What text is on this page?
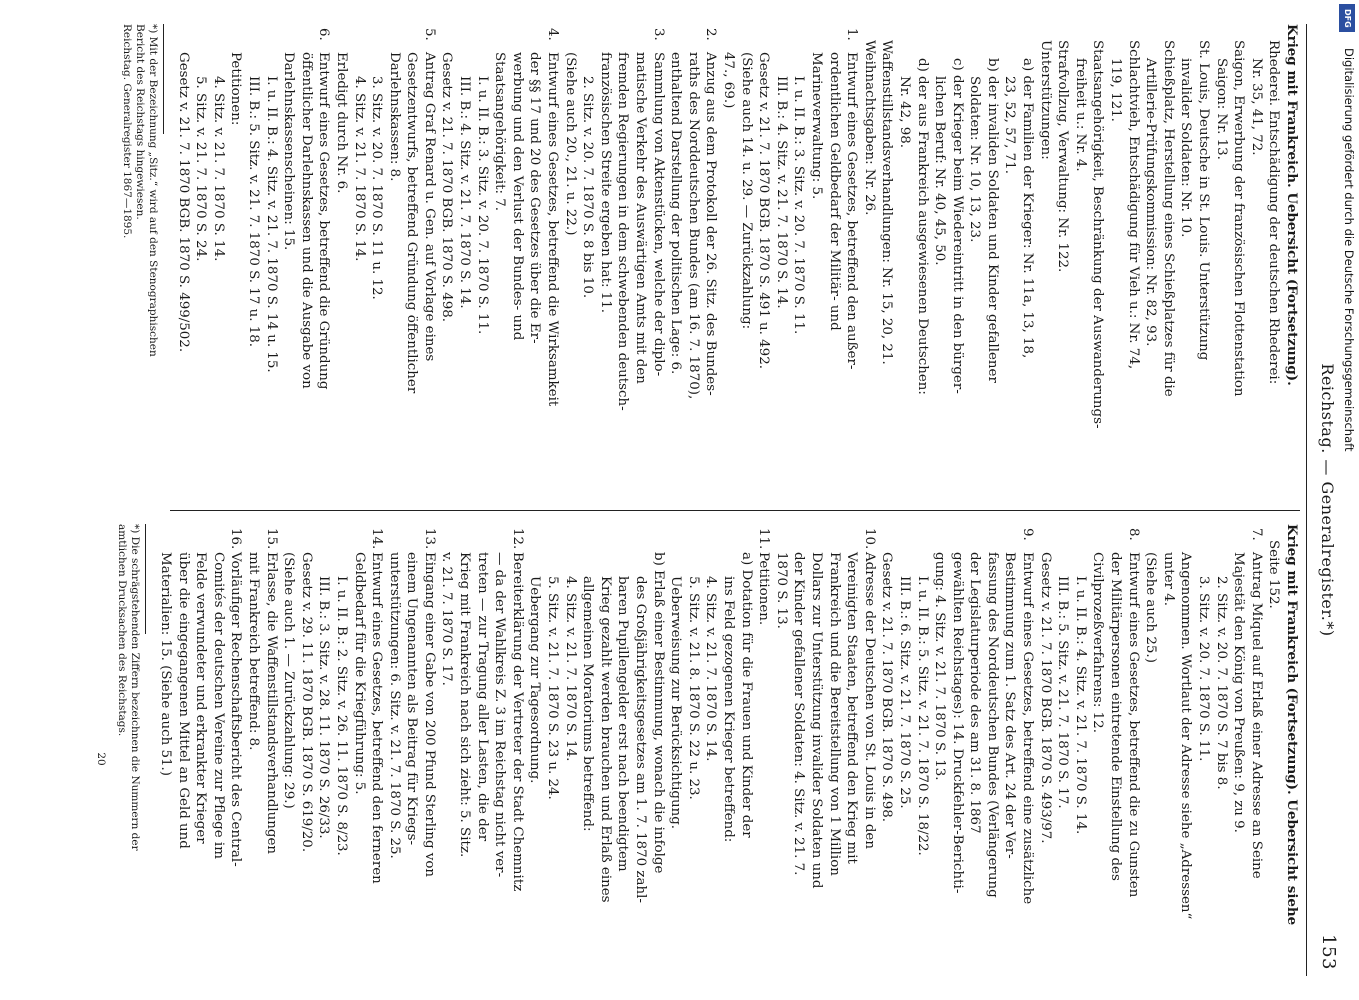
Reichstag. — Generalregister.*)
153
Krieg mit Frankreich. Uebersicht (Fortsetzung).
Rhederei. Entschädigung der deutschen Rhederei:
Nr. 35, 41, 72.
Saigon, Erwerbung der französischen Flottenstation
Saigon: Nr. 13.
St. Louis, Deutsche in St. Louis. Unterstützung
invalider Soldaten: Nr. 10.
Schießplatz, Herstellung eines Schießplatzes für die
Artillerie-Prüfungskommission: Nr. 82, 93.
Schlachtvieh, Entschädigung für Vieh u.: Nr. 74,
119, 121.
Staatsangehörigkeit, Beschränkung der Auswanderungs-
freiheit u.: Nr. 4.
Strafvollzug, Verwaltung: Nr. 122.
Unterstützungen:
a) der Familien der Krieger: Nr. 11a, 13, 18,
23, 52, 57, 71.
b) der invaliden Soldaten und Kinder gefallener
Soldaten: Nr. 10, 13, 23.
c) der Krieger beim Wiedereintritt in den bürger-
lichen Beruf: Nr. 40, 45, 50.
d) der aus Frankreich ausgewiesenen Deutschen:
Nr. 42, 98.
Waffenstillstandsverhandlungen: Nr. 15, 20, 21.
Weihnachtsgaben: Nr. 26.
1.
Entwurf eines Gesetzes, betreffend den außer-
ordentlichen Geldbedarf der Militär- und
Marineverwaltung: 5.
I. u. II. B.: 3. Sitz. v. 20. 7. 1870 S. 11.
III. B.: 4. Sitz. v. 21. 7. 1870 S. 14.
Gesetz v. 21. 7. 1870 BGB. 1870 S. 491 u. 492.
(Siehe auch 14. u. 29. — Zurückzahlung:
47., 69.)
2.
Anzug aus dem Protokoll der 26. Sitz. des Bundes-
raths des Norddeutschen Bundes (am 16. 7. 1870),
enthaltend Darstellung der politischen Lage: 6.
3.
Sammlung von Aktenstücken, welche der diplo-
matische Verkehr des Auswärtigen Amts mit den
fremden Regierungen in dem schwebenden deutsch-
französischen Streite ergeben hat: 11.
2. Sitz. v. 20. 7. 1870 S. 8 bis 10.
(Siehe auch 20., 21. u. 22.)
4.
Entwurf eines Gesetzes, betreffend die Wirksamkeit
der §§ 17 und 20 des Gesetzes über die Er-
werbung und den Verlust der Bundes- und
Staatsangehörigkeit: 7.
I. u. II. B.: 3. Sitz. v. 20. 7. 1870 S. 11.
III. B.: 4. Sitz. v. 21. 7. 1870 S. 14.
Gesetz v. 21. 7. 1870 BGB. 1870 S. 498.
5.
Antrag Graf Renard u. Gen. auf Vorlage eines
Gesetzentwurfs, betreffend Gründung öffentlicher
Darlehnskassen: 8.
3. Sitz. v. 20. 7. 1870 S. 11 u. 12.
4. Sitz. v. 21. 7. 1870 S. 14.
Erledigt durch Nr. 6.
6.
Entwurf eines Gesetzes, betreffend die Gründung
öffentlicher Darlehnskassen und die Ausgabe von
Darlehnskassenscheinen: 15.
I. u. II. B.: 4. Sitz. v. 21. 7. 1870 S. 14 u. 15.
III. B.: 5. Sitz. v. 21. 7. 1870 S. 17 u. 18.
Petitionen:
4. Sitz. v. 21. 7. 1870 S. 14.
5. Sitz. v. 21. 7. 1870 S. 24.
Gesetz v. 21. 7. 1870 BGB. 1870 S. 499/502.
*) Mit der Bezeichnung „Sitz.“ wird auf den Stenographischen
Bericht des Reichstags hingewiesen.
Reichstag. Generalregister 1867—1895.
Krieg mit Frankreich (Fortsetzung). Uebersicht siehe
Seite 152.
7.
Antrag Miquel auf Erlaß einer Adresse an Seine
Majestät den König von Preußen: 9, zu 9.
2. Sitz. v. 20. 7. 1870 S. 7 bis 8.
3. Sitz. v. 20. 7. 1870 S. 11.
Angenommen. Wortlaut der Adresse siehe „Adressen“
unter 4.
(Siehe auch 25.)
8.
Entwurf eines Gesetzes, betreffend die zu Gunsten
der Militärpersonen eintretende Einstellung des
Civilprozeßverfahrens: 12.
I. u. II. B.: 4. Sitz. v. 21. 7. 1870 S. 14.
III. B.: 5. Sitz. v. 21. 7. 1870 S. 17.
Gesetz v. 21. 7. 1870 BGB. 1870 S. 493/97.
9.
Entwurf eines Gesetzes, betreffend eine zusätzliche
Bestimmung zum 1. Satz des Art. 24 der Ver-
fassung des Norddeutschen Bundes (Verlängerung
der Legislaturperiode des am 31. 8. 1867
gewählten Reichstages): 14. Druckfehler-Berichti-
gung: 4. Sitz. v. 21. 7. 1870 S. 13.
I. u. II. B.: 5. Sitz. v. 21. 7. 1870 S. 18/22.
III. B.: 6. Sitz. v. 21. 7. 1870 S. 25.
Gesetz v. 21. 7. 1870 BGB. 1870 S. 498.
10.
Adresse der Deutschen von St. Louis in den
Vereinigten Staaten, betreffend den Krieg mit
Frankreich und die Bereitstellung von 1 Million
Dollars zur Unterstützung invalider Soldaten und
der Kinder gefallener Soldaten: 4. Sitz. v. 21. 7.
1870 S. 13.
11.
Petitionen.
a) Dotation für die Frauen und Kinder der
ins Feld gezogenen Krieger betreffend:
4. Sitz. v. 21. 7. 1870 S. 14.
5. Sitz. v. 21. 8. 1870 S. 22 u. 23.
Ueberweisung zur Berücksichtigung.
b) Erlaß einer Bestimmung, wonach die infolge
des Großjährigkeitsgesetzes am 1. 7. 1870 zahl-
baren Pupillengelder erst nach beendigtem
Krieg gezahlt werden brauchen und Erlaß eines
allgemeinen Moratoriums betreffend:
4. Sitz. v. 21. 7. 1870 S. 14.
5. Sitz. v. 21. 7. 1870 S. 23 u. 24.
Uebergang zur Tagesordnung.
12.
Bereiterklärung der Vertreter der Stadt Chemnitz
— da der Wahlkreis Z. 3 im Reichstag nicht ver-
treten — zur Tragung aller Lasten, die der
Krieg mit Frankreich nach sich zieht: 5. Sitz.
v. 21. 7. 1870 S. 17.
13.
Eingang einer Gabe von 200 Pfund Sterling von
einem Ungenannten als Beitrag für Kriegs-
unterstützungen: 6. Sitz. v. 21. 7. 1870 S. 25.
14.
Entwurf eines Gesetzes, betreffend den ferneren
Geldbedarf für die Kriegführung: 5.
I. u. II. B.: 2. Sitz. v. 26. 11. 1870 S. 8/23.
III. B.: 3. Sitz. v. 28. 11. 1870 S. 26/33.
Gesetz v. 29. 11. 1870 BGB. 1870 S. 619/20.
(Siehe auch 1. — Zurückzahlung: 29.)
15.
Erlasse, die Waffenstillstandsverhandlungen
mit Frankreich betreffend: 8.
16.
Vorläufiger Rechenschaftsbericht des Central-
Comités der deutschen Vereine zur Pflege im
Felde verwundeter und erkrankter Krieger
über die eingegangenen Mittel an Geld und
Materialien: 15. (Siehe auch 51.)
*) Die schrägstehenden Ziffern bezeichnen die Nummern der
amtlichen Drucksachen des Reichstags.
20
DFG
Digitalisierung gefördert durch die Deutsche Forschungsgemeinschaft
